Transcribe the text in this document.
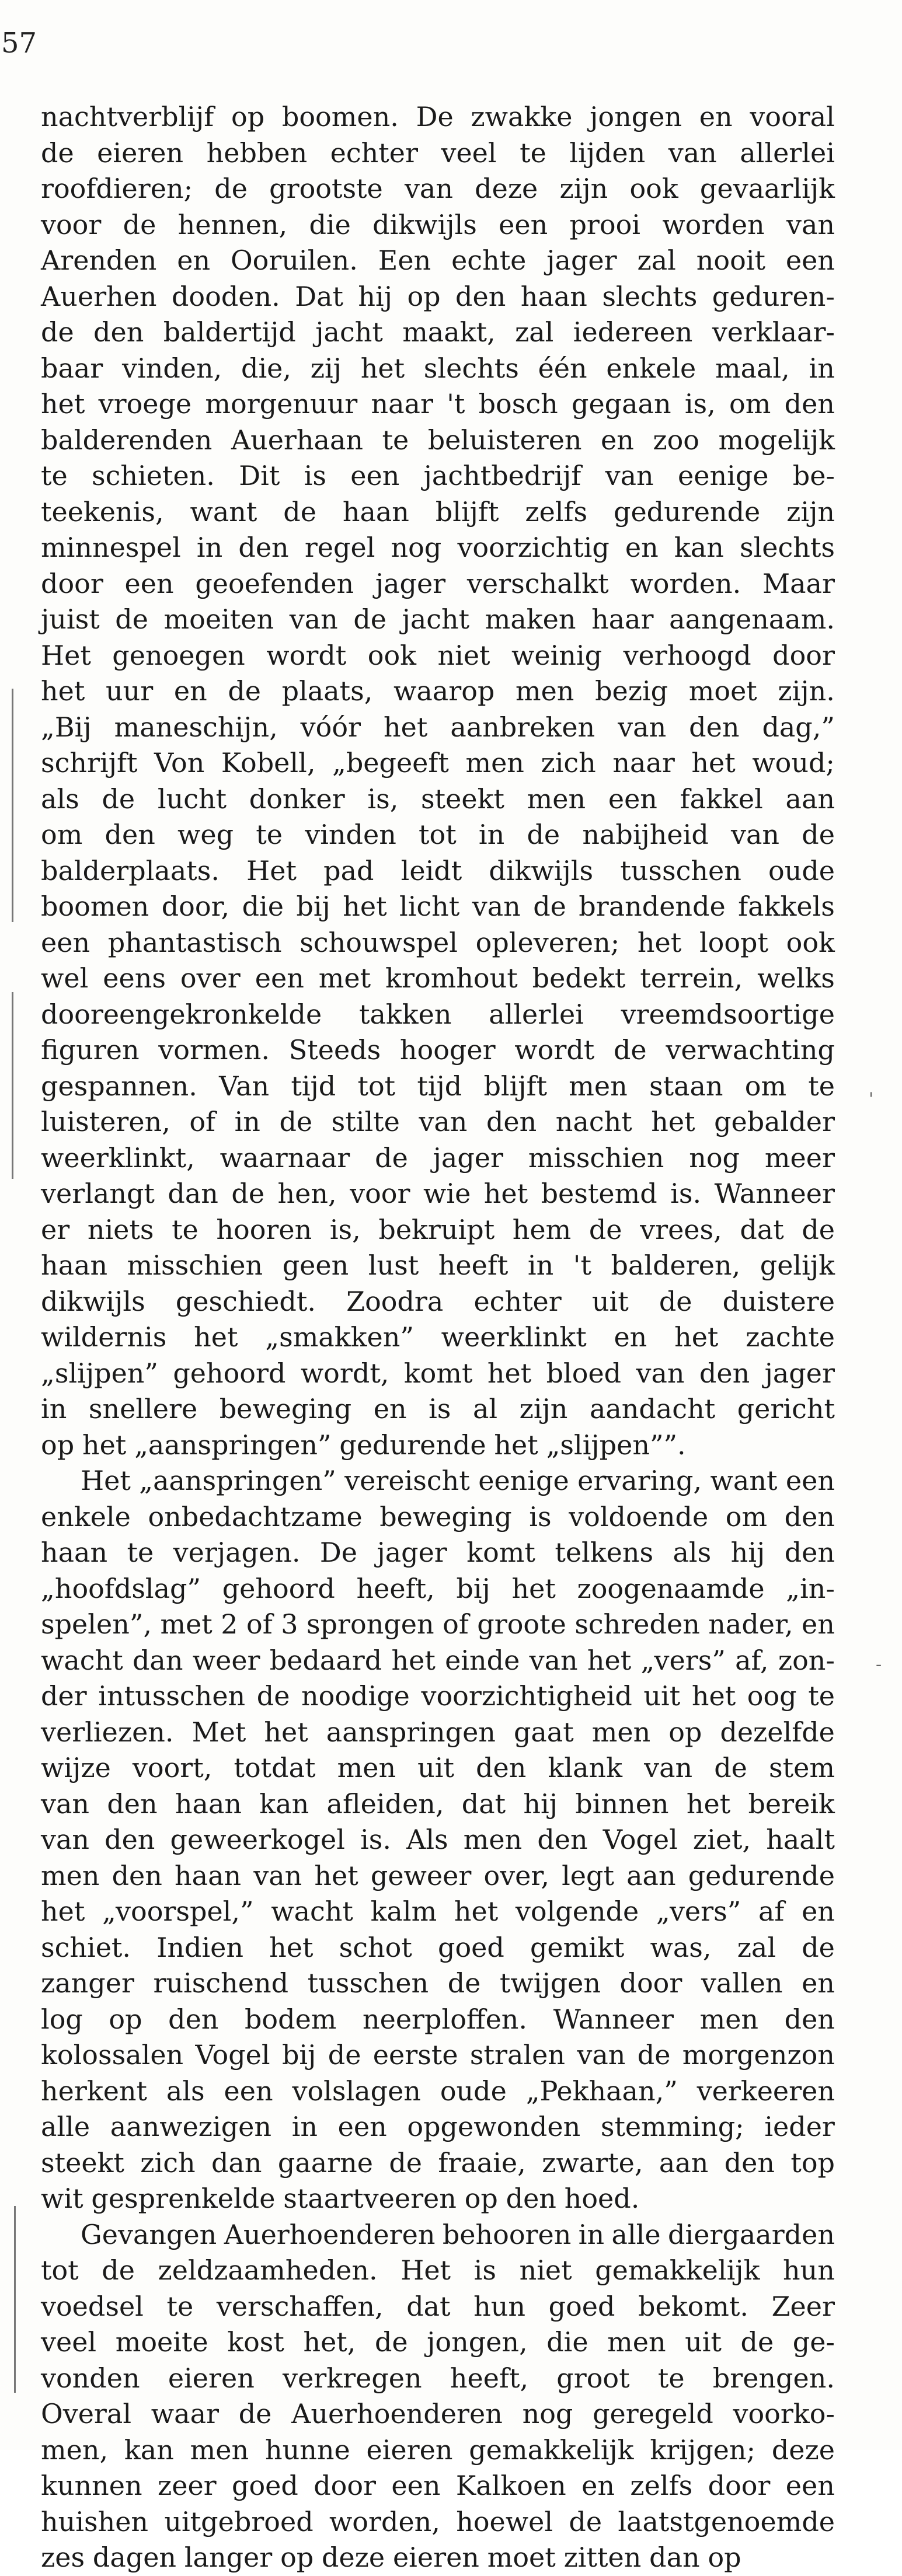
57
'
-
nachtverblijf op boomen. De zwakke jongen en vooral
de eieren hebben echter veel te lijden van allerlei
roofdieren; de grootste van deze zijn ook gevaarlijk
voor de hennen, die dikwijls een prooi worden van
Arenden en Ooruilen. Een echte jager zal nooit een
Auerhen dooden. Dat hij op den haan slechts geduren-
de den baldertijd jacht maakt, zal iedereen verklaar-
baar vinden, die, zij het slechts één enkele maal, in
het vroege morgenuur naar 't bosch gegaan is, om den
balderenden Auerhaan te beluisteren en zoo mogelijk
te schieten. Dit is een jachtbedrijf van eenige be-
teekenis, want de haan blijft zelfs gedurende zijn
minnespel in den regel nog voorzichtig en kan slechts
door een geoefenden jager verschalkt worden. Maar
juist de moeiten van de jacht maken haar aangenaam.
Het genoegen wordt ook niet weinig verhoogd door
het uur en de plaats, waarop men bezig moet zijn.
„Bij maneschijn, vóór het aanbreken van den dag,”
schrijft Von Kobell, „begeeft men zich naar het woud;
als de lucht donker is, steekt men een fakkel aan
om den weg te vinden tot in de nabijheid van de
balderplaats. Het pad leidt dikwijls tusschen oude
boomen door, die bij het licht van de brandende fakkels
een phantastisch schouwspel opleveren; het loopt ook
wel eens over een met kromhout bedekt terrein, welks
dooreengekronkelde takken allerlei vreemdsoortige
figuren vormen. Steeds hooger wordt de verwachting
gespannen. Van tijd tot tijd blijft men staan om te
luisteren, of in de stilte van den nacht het gebalder
weerklinkt, waarnaar de jager misschien nog meer
verlangt dan de hen, voor wie het bestemd is. Wanneer
er niets te hooren is, bekruipt hem de vrees, dat de
haan misschien geen lust heeft in 't balderen, gelijk
dikwijls geschiedt. Zoodra echter uit de duistere
wildernis het „smakken” weerklinkt en het zachte
„slijpen” gehoord wordt, komt het bloed van den jager
in snellere beweging en is al zijn aandacht gericht
op het „aanspringen” gedurende het „slijpen””.
Het „aanspringen” vereischt eenige ervaring, want een
enkele onbedachtzame beweging is voldoende om den
haan te verjagen. De jager komt telkens als hij den
„hoofdslag” gehoord heeft, bij het zoogenaamde „in-
spelen”, met 2 of 3 sprongen of groote schreden nader, en
wacht dan weer bedaard het einde van het „vers” af, zon-
der intusschen de noodige voorzichtigheid uit het oog te
verliezen. Met het aanspringen gaat men op dezelfde
wijze voort, totdat men uit den klank van de stem
van den haan kan afleiden, dat hij binnen het bereik
van den geweerkogel is. Als men den Vogel ziet, haalt
men den haan van het geweer over, legt aan gedurende
het „voorspel,” wacht kalm het volgende „vers” af en
schiet. Indien het schot goed gemikt was, zal de
zanger ruischend tusschen de twijgen door vallen en
log op den bodem neerploffen. Wanneer men den
kolossalen Vogel bij de eerste stralen van de morgenzon
herkent als een volslagen oude „Pekhaan,” verkeeren
alle aanwezigen in een opgewonden stemming; ieder
steekt zich dan gaarne de fraaie, zwarte, aan den top
wit gesprenkelde staartveeren op den hoed.
Gevangen Auerhoenderen behooren in alle diergaarden
tot de zeldzaamheden. Het is niet gemakkelijk hun
voedsel te verschaffen, dat hun goed bekomt. Zeer
veel moeite kost het, de jongen, die men uit de ge-
vonden eieren verkregen heeft, groot te brengen.
Overal waar de Auerhoenderen nog geregeld voorko-
men, kan men hunne eieren gemakkelijk krijgen; deze
kunnen zeer goed door een Kalkoen en zelfs door een
huishen uitgebroed worden, hoewel de laatstgenoemde
zes dagen langer op deze eieren moet zitten dan op
